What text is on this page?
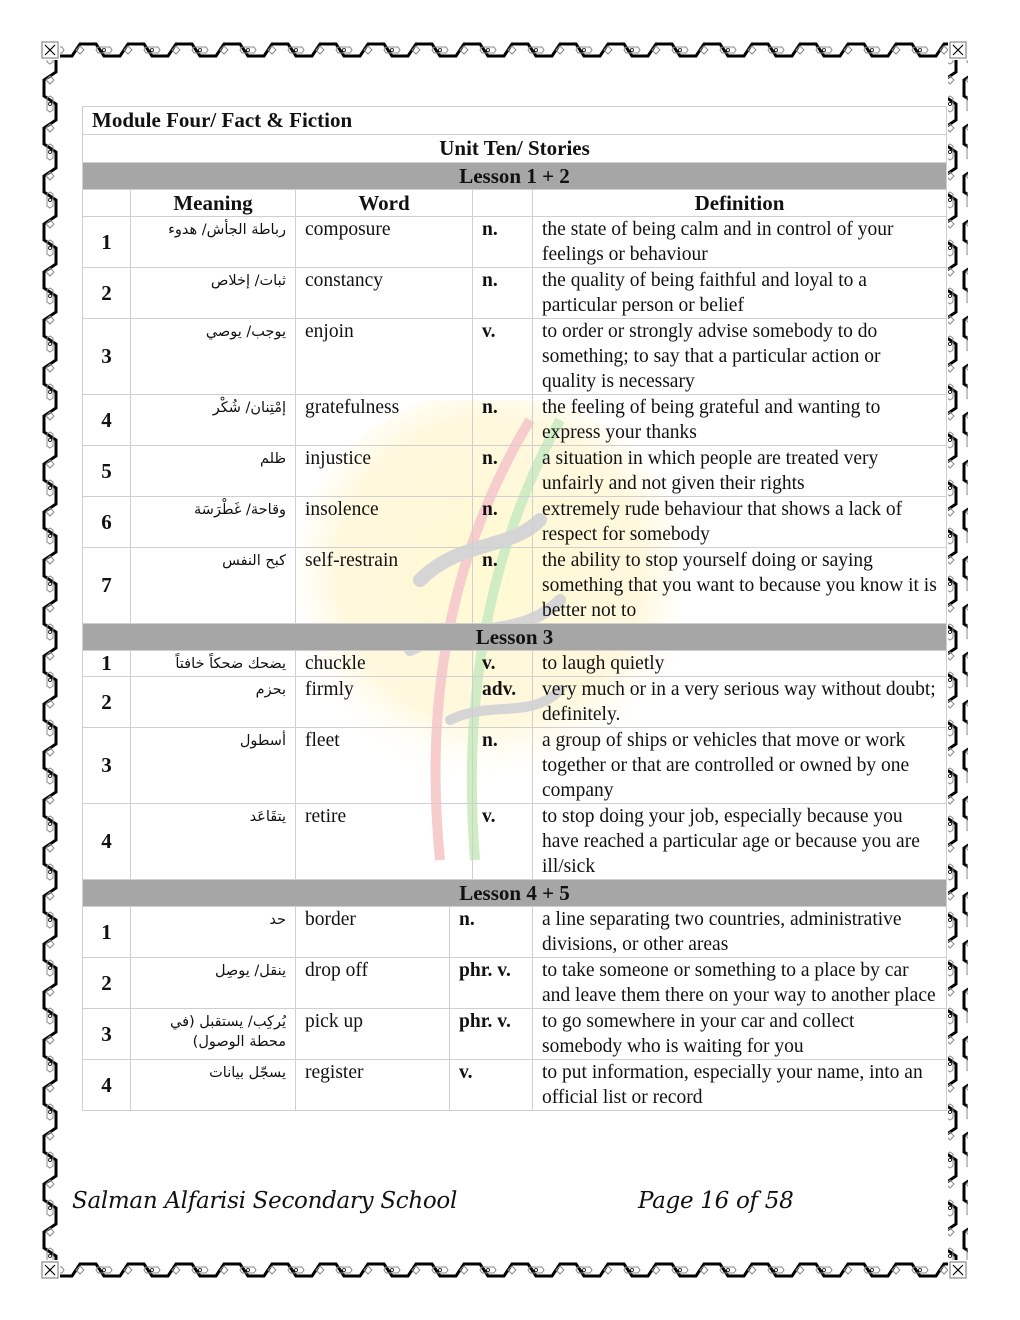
Module Four/ Fact & Fiction					
Unit Ten/ Stories					
Lesson 1 + 2					
	Meaning	Word			Definition
1	رباطة الجأش/ هدوء	composure		n.	the state of being calm and in control of your feelings or behaviour
2	ثبات/ إخلاص	constancy		n.	the quality of being faithful and loyal to a particular person or belief
3	يوجب/ يوصي	enjoin		v.	to order or strongly advise somebody to do something; to say that a particular action or quality is necessary
4	إمْتِنان/ شُكْر	gratefulness		n.	the feeling of being grateful and wanting to express your thanks
5	ظلم	injustice		n.	a situation in which people are treated very unfairly and not given their rights
6	وقاحة/ غَطْرَسَة	insolence		n.	extremely rude behaviour that shows a lack of respect for somebody
7	كبح النفس	self-restrain		n.	the ability to stop yourself doing or saying something that you want to because you know it is better not to
Lesson 3					
1	يضحك ضحكاً خافتاً	chuckle		v.	to laugh quietly
2	بحزم	firmly		adv.	very much or in a very serious way without doubt; definitely.
3	أسطول	fleet		n.	a group of ships or vehicles that move or work together or that are controlled or owned by one company
4	يتقَاعَد	retire		v.	to stop doing your job, especially because you have reached a particular age or because you are ill/sick
Lesson 4 + 5					
1	حد	border	n.		a line separating two countries, administrative divisions, or other areas
2	ينقل/ يوصِل	drop off	phr. v.		to take someone or something to a place by car and leave them there on your way to another place
3	يُركِب/ يستقبل (في محطة الوصول)	pick up	phr. v.		to go somewhere in your car and collect somebody who is waiting for you
4	يسجّل بيانات	register	v.		to put information, especially your name, into an official list or record
Salman Alfarisi Secondary School	Page 16 of 58
